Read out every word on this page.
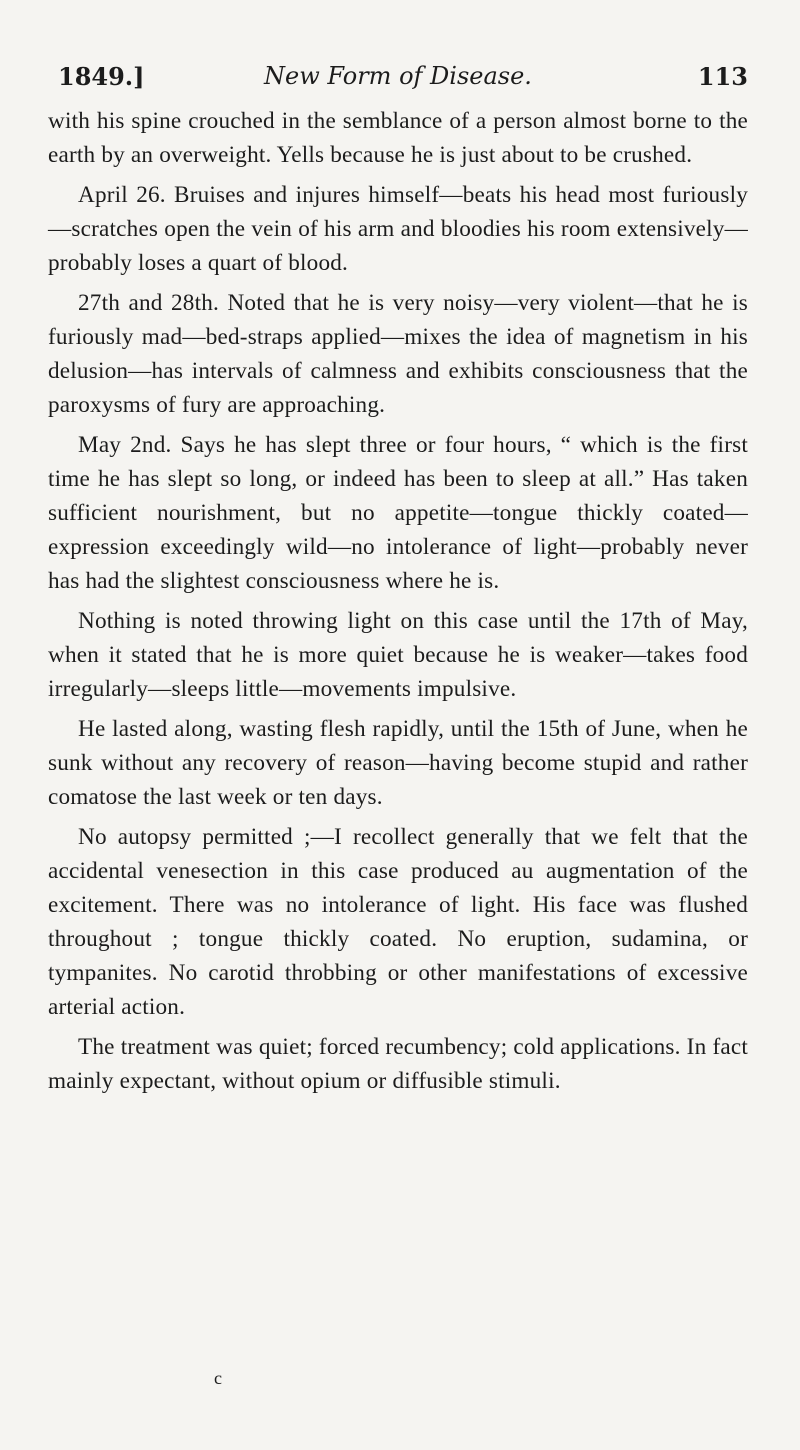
1849.]	New Form of Disease.	113

with his spine crouched in the semblance of a person almost borne to the earth by an overweight. Yells because he is just about to be crushed.

April 26. Bruises and injures himself—beats his head most furiously—scratches open the vein of his arm and bloodies his room extensively—probably loses a quart of blood.

27th and 28th. Noted that he is very noisy—very violent—that he is furiously mad—bed-straps applied—mixes the idea of magnetism in his delusion—has intervals of calmness and exhibits consciousness that the paroxysms of fury are approaching.

May 2nd. Says he has slept three or four hours, “ which is the first time he has slept so long, or indeed has been to sleep at all.” Has taken sufficient nourishment, but no appetite—tongue thickly coated—expression exceedingly wild—no intolerance of light—probably never has had the slightest consciousness where he is.

Nothing is noted throwing light on this case until the 17th of May, when it stated that he is more quiet because he is weaker—takes food irregularly—sleeps little—movements impulsive.

He lasted along, wasting flesh rapidly, until the 15th of June, when he sunk without any recovery of reason—having become stupid and rather comatose the last week or ten days.

No autopsy permitted ;—I recollect generally that we felt that the accidental venesection in this case produced au augmentation of the excitement. There was no intolerance of light. His face was flushed throughout ; tongue thickly coated. No eruption, sudamina, or tympanites. No carotid throbbing or other manifestations of excessive arterial action.

The treatment was quiet; forced recumbency; cold applications. In fact mainly expectant, without opium or diffusible stimuli.

c
